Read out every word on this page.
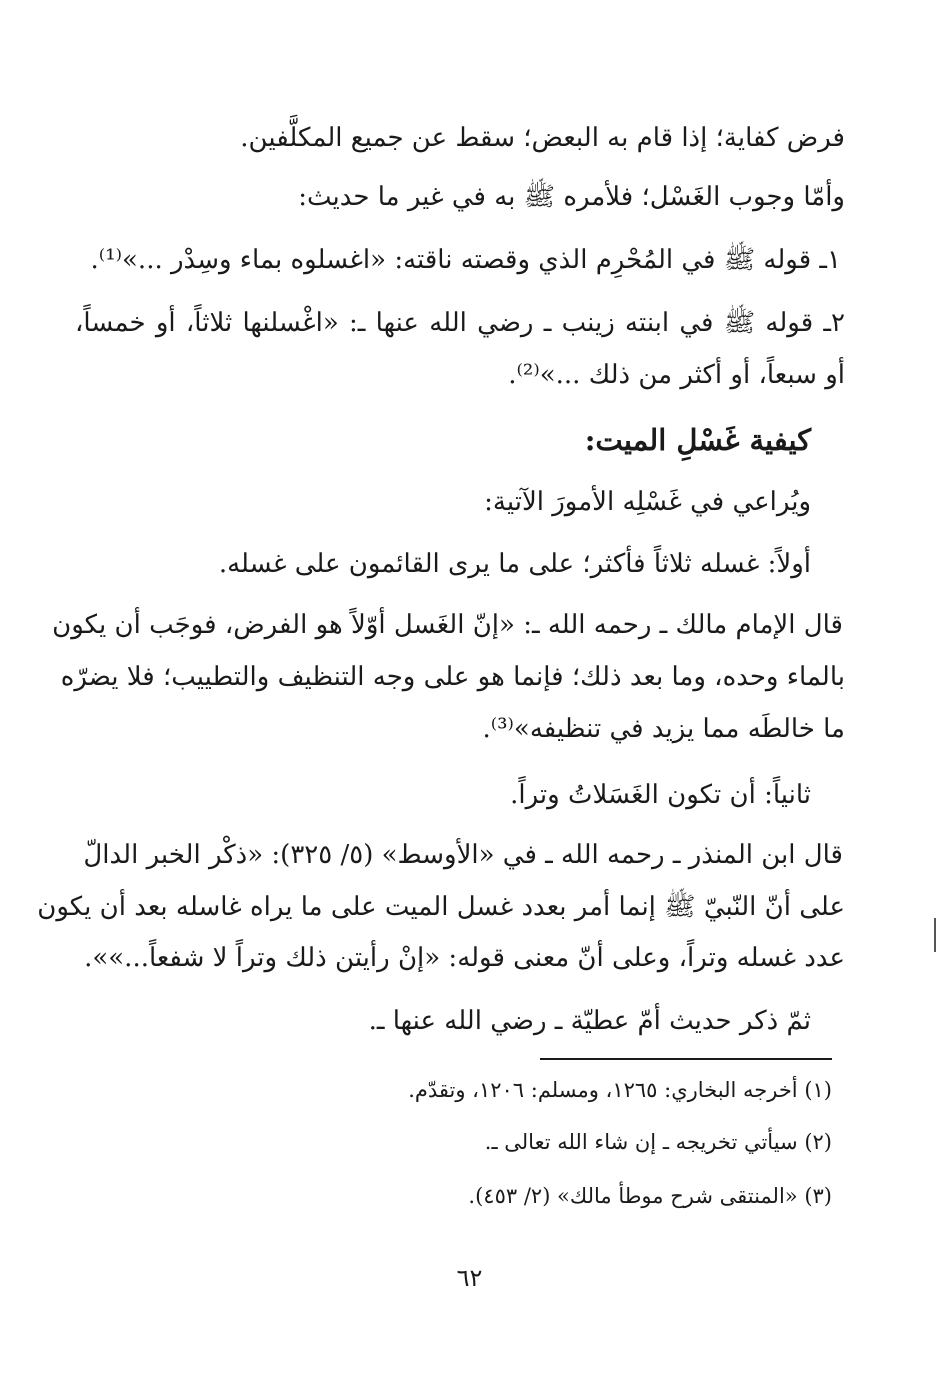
فرض كفاية؛ إذا قام به البعض؛ سقط عن جميع المكلَّفين.
وأمّا وجوب الغَسْل؛ فلأمره ﷺ به في غير ما حديث:
١ـ قوله ﷺ في المُحْرِم الذي وقصته ناقته: «اغسلوه بماء وسِدْر ...»⁽¹⁾.
٢ـ قوله ﷺ في ابنته زينب ـ رضي الله عنها ـ: «اغْسلنها ثلاثاً، أو خمساً،
أو سبعاً، أو أكثر من ذلك ...»⁽²⁾.
كيفية غَسْلِ الميت:
ويُراعي في غَسْلِه الأمورَ الآتية:
أولاً: غسله ثلاثاً فأكثر؛ على ما يرى القائمون على غسله.
قال الإمام مالك ـ رحمه الله ـ: «إنّ الغَسل أوّلاً هو الفرض، فوجَب أن يكون
بالماء وحده، وما بعد ذلك؛ فإنما هو على وجه التنظيف والتطييب؛ فلا يضرّه
ما خالطَه مما يزيد في تنظيفه»⁽³⁾.
ثانياً: أن تكون الغَسَلاتُ وتراً.
قال ابن المنذر ـ رحمه الله ـ في «الأوسط» (٥/ ٣٢٥): «ذكْر الخبر الدالّ
على أنّ النّبيّ ﷺ إنما أمر بعدد غسل الميت على ما يراه غاسله بعد أن يكون
عدد غسله وتراً، وعلى أنّ معنى قوله: «إنْ رأيتن ذلك وتراً لا شفعاً...»».
ثمّ ذكر حديث أمّ عطيّة ـ رضي الله عنها ـ.
(١) أخرجه البخاري: ١٢٦٥، ومسلم: ١٢٠٦، وتقدّم.
(٢) سيأتي تخريجه ـ إن شاء الله تعالى ـ.
(٣) «المنتقى شرح موطأ مالك» (٢/ ٤٥٣).
٦٢
